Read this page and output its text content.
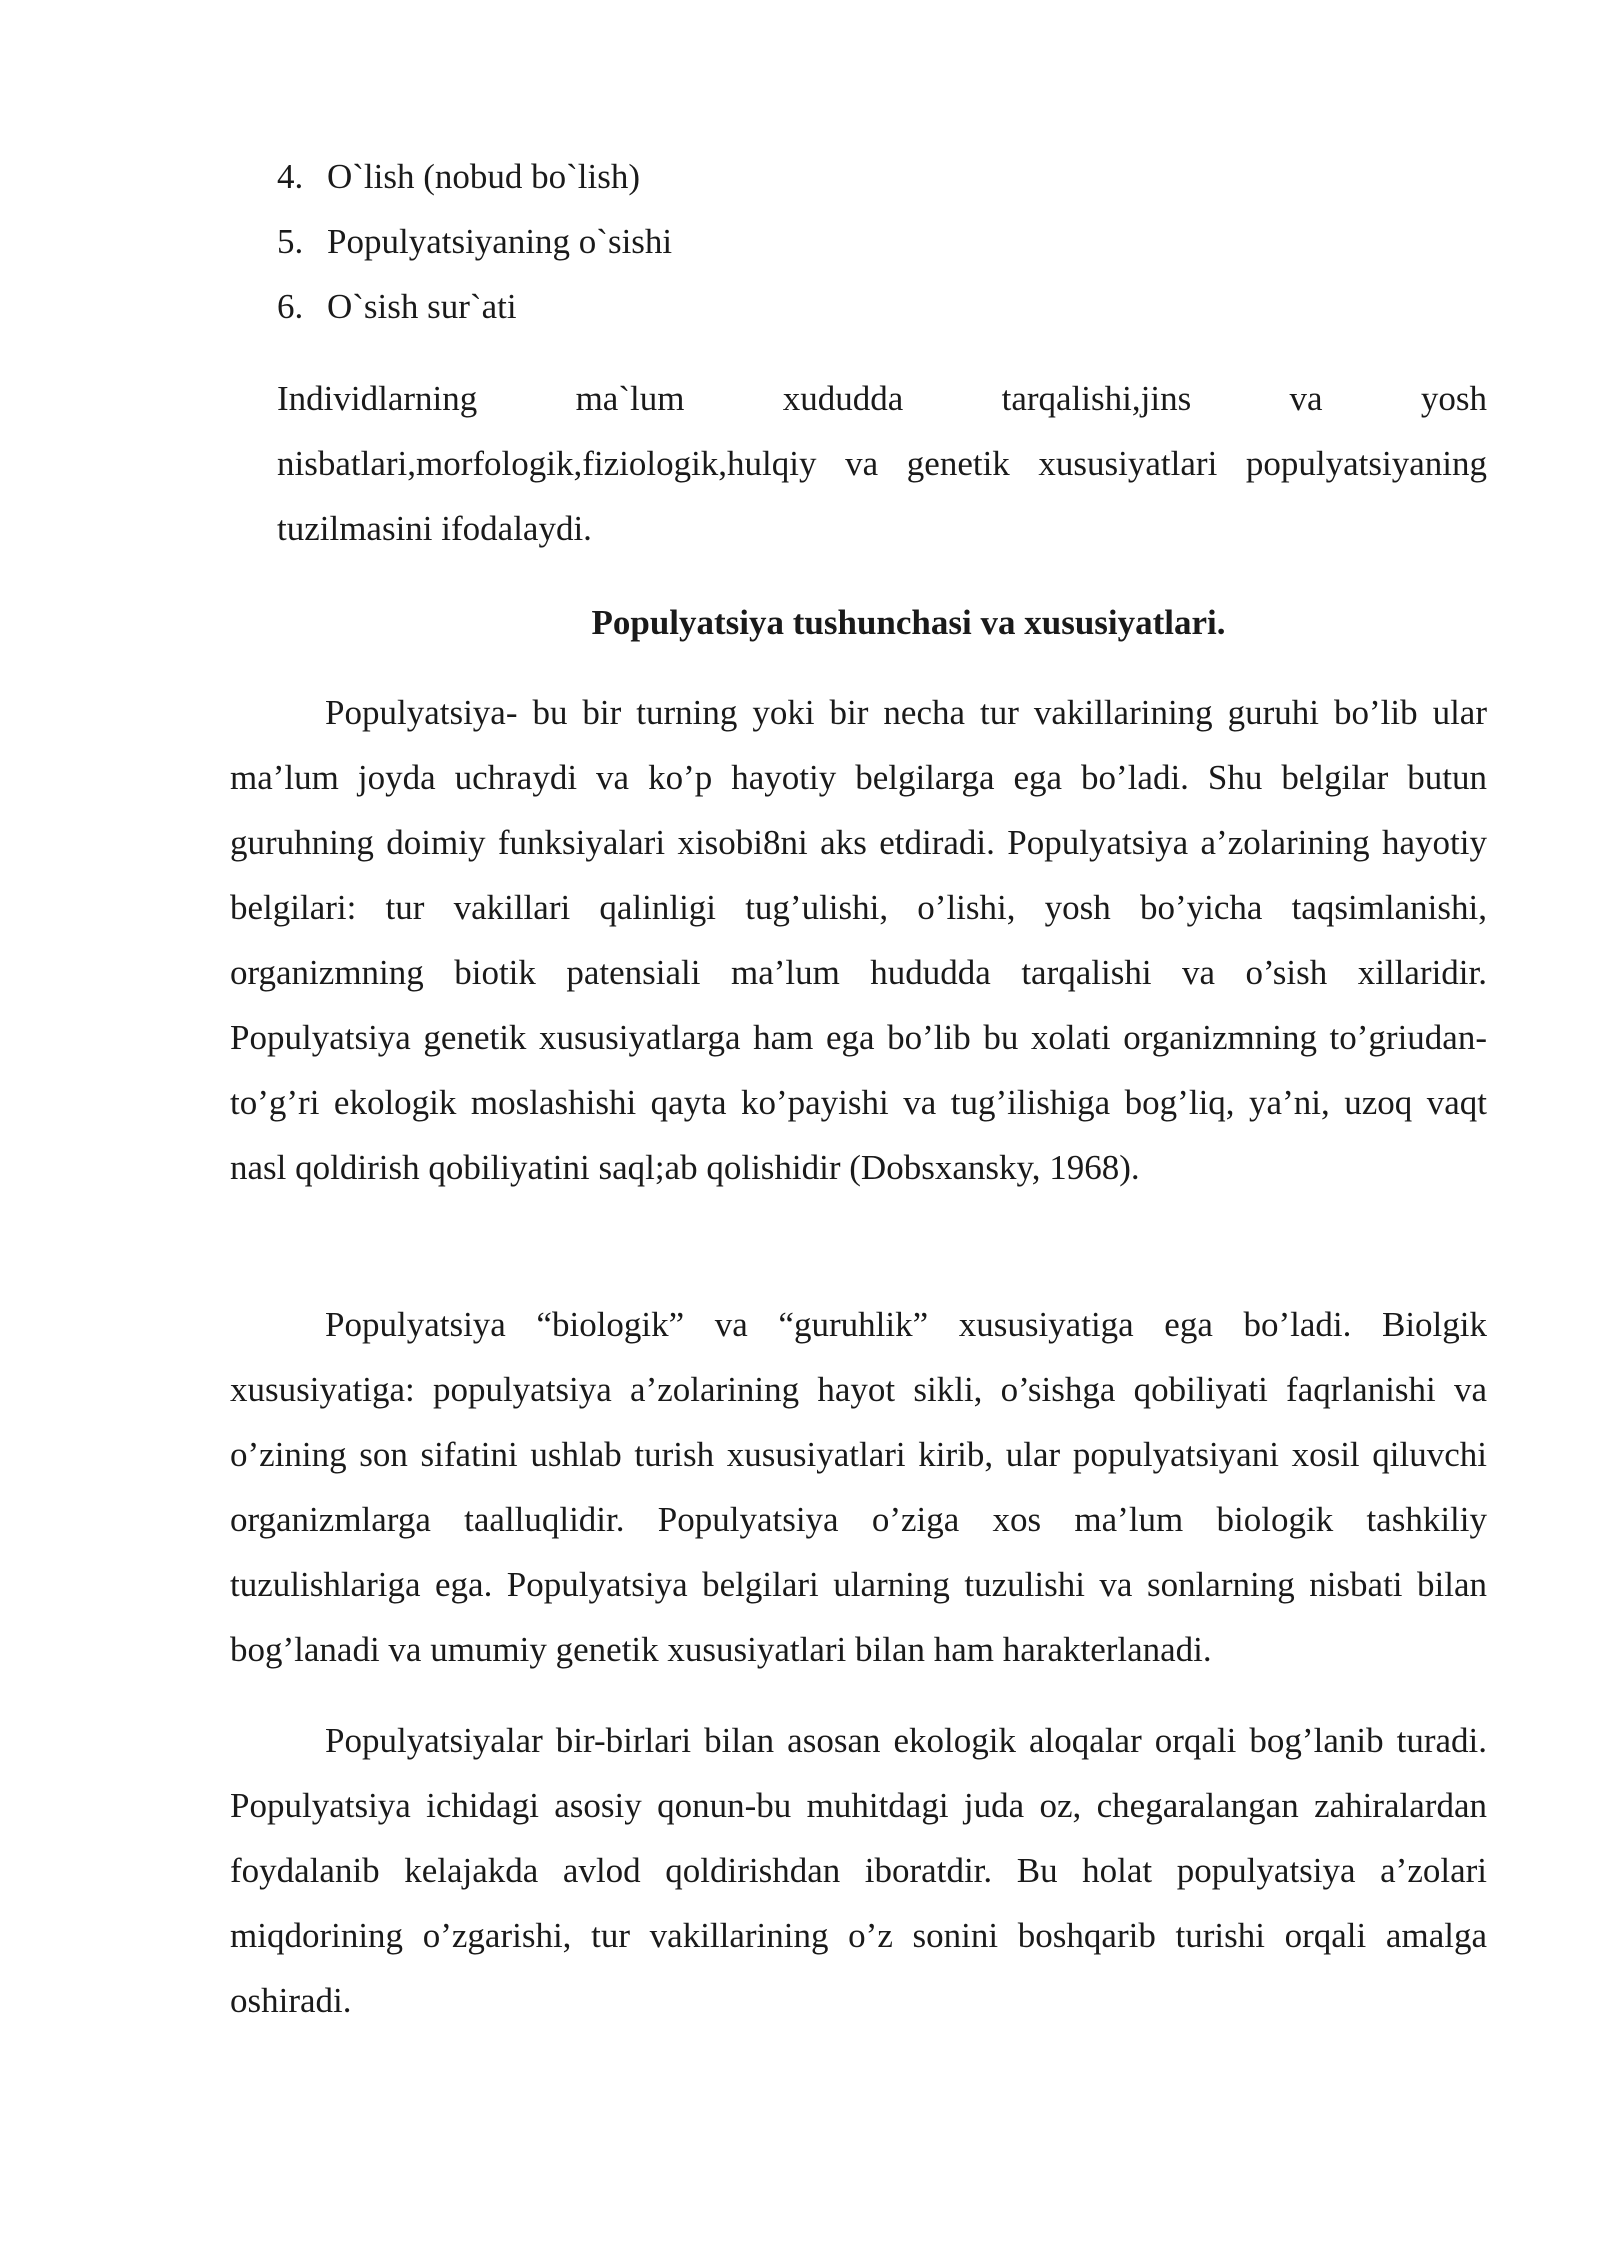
4. O`lish (nobud bo`lish)
5. Populyatsiyaning o`sishi
6. O`sish sur`ati

Individlarning ma`lum xududda tarqalishi,jins va yosh nisbatlari,morfologik,fiziologik,hulqiy va genetik xususiyatlari populyatsiyaning tuzilmasini ifodalaydi.

Populyatsiya tushunchasi va xususiyatlari.

Populyatsiya- bu bir turning yoki bir necha tur vakillarining guruhi bo’lib ular ma’lum joyda uchraydi va ko’p hayotiy belgilarga ega bo’ladi. Shu belgilar butun guruhning doimiy funksiyalari xisobi8ni aks etdiradi. Populyatsiya a’zolarining hayotiy belgilari: tur vakillari qalinligi tug’ulishi, o’lishi, yosh bo’yicha taqsimlanishi, organizmning biotik patensiali ma’lum hududda tarqalishi va o’sish xillaridir. Populyatsiya genetik xususiyatlarga ham ega bo’lib bu xolati organizmning to’griudan-to’g’ri ekologik moslashishi qayta ko’payishi va tug’ilishiga bog’liq, ya’ni, uzoq vaqt nasl qoldirish qobiliyatini saql;ab qolishidir (Dobsxansky, 1968).

Populyatsiya “biologik” va “guruhlik” xususiyatiga ega bo’ladi. Biolgik xususiyatiga: populyatsiya a’zolarining hayot sikli, o’sishga qobiliyati faqrlanishi va o’zining son sifatini ushlab turish xususiyatlari kirib, ular populyatsiyani xosil qiluvchi organizmlarga taalluqlidir. Populyatsiya o’ziga xos ma’lum biologik tashkiliy tuzulishlariga ega. Populyatsiya belgilari ularning tuzulishi va sonlarning nisbati bilan bog’lanadi va umumiy genetik xususiyatlari bilan ham harakterlanadi.

Populyatsiyalar bir-birlari bilan asosan ekologik aloqalar orqali bog’lanib turadi. Populyatsiya ichidagi asosiy qonun-bu muhitdagi juda oz, chegaralangan zahiralardan foydalanib kelajakda avlod qoldirishdan iboratdir. Bu holat populyatsiya a’zolari miqdorining o’zgarishi, tur vakillarining o’z sonini boshqarib turishi orqali amalga oshiradi.
